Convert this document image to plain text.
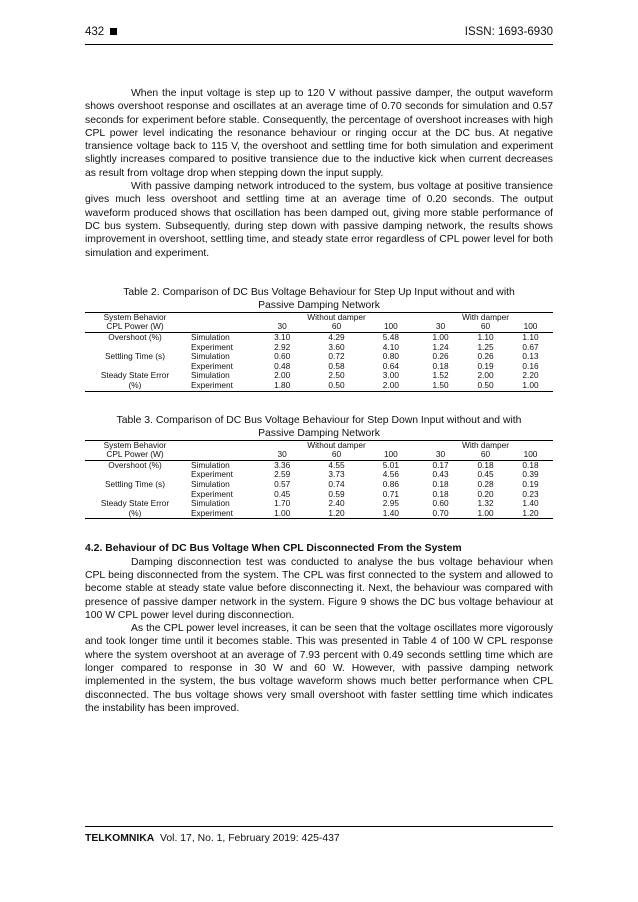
432	ISSN: 1693-6930

When the input voltage is step up to 120 V without passive damper, the output waveform shows overshoot response and oscillates at an average time of 0.70 seconds for simulation and 0.57 seconds for experiment before stable. Consequently, the percentage of overshoot increases with high CPL power level indicating the resonance behaviour or ringing occur at the DC bus. At negative transience voltage back to 115 V, the overshoot and settling time for both simulation and experiment slightly increases compared to positive transience due to the inductive kick when current decreases as result from voltage drop when stepping down the input supply.

With passive damping network introduced to the system, bus voltage at positive transience gives much less overshoot and settling time at an average time of 0.20 seconds. The output waveform produced shows that oscillation has been damped out, giving more stable performance of DC bus system. Subsequently, during step down with passive damping network, the results shows improvement in overshoot, settling time, and steady state error regardless of CPL power level for both simulation and experiment.

Table 2. Comparison of DC Bus Voltage Behaviour for Step Up Input without and with Passive Damping Network
System Behavior		Without damper			With damper		
CPL Power (W)		30	60	100	30	60	100
Overshoot (%)	Simulation	3.10	4.29	5.48	1.00	1.10	1.10
	Experiment	2.92	3.60	4.10	1.24	1.25	0.67
Settling Time (s)	Simulation	0.60	0.72	0.80	0.26	0.26	0.13
	Experiment	0.48	0.58	0.64	0.18	0.19	0.16
Steady State Error	Simulation	2.00	2.50	3.00	1.52	2.00	2.20
(%)	Experiment	1.80	0.50	2.00	1.50	0.50	1.00
Table 3. Comparison of DC Bus Voltage Behaviour for Step Down Input without and with Passive Damping Network
System Behavior		Without damper			With damper		
CPL Power (W)		30	60	100	30	60	100
Overshoot (%)	Simulation	3.36	4.55	5.01	0.17	0.18	0.18
	Experiment	2.59	3.73	4.56	0.43	0.45	0.39
Settling Time (s)	Simulation	0.57	0.74	0.86	0.18	0.28	0.19
	Experiment	0.45	0.59	0.71	0.18	0.20	0.23
Steady State Error	Simulation	1.70	2.40	2.95	0.60	1.32	1.40
(%)	Experiment	1.00	1.20	1.40	0.70	1.00	1.20
4.2. Behaviour of DC Bus Voltage When CPL Disconnected From the System

Damping disconnection test was conducted to analyse the bus voltage behaviour when CPL being disconnected from the system. The CPL was first connected to the system and allowed to become stable at steady state value before disconnecting it. Next, the behaviour was compared with presence of passive damper network in the system. Figure 9 shows the DC bus voltage behaviour at 100 W CPL power level during disconnection.

As the CPL power level increases, it can be seen that the voltage oscillates more vigorously and took longer time until it becomes stable. This was presented in Table 4 of 100 W CPL response where the system overshoot at an average of 7.93 percent with 0.49 seconds settling time which are longer compared to response in 30 W and 60 W. However, with passive damping network implemented in the system, the bus voltage waveform shows much better performance when CPL disconnected. The bus voltage shows very small overshoot with faster settling time which indicates the instability has been improved.

TELKOMNIKA Vol. 17, No. 1, February 2019: 425-437
